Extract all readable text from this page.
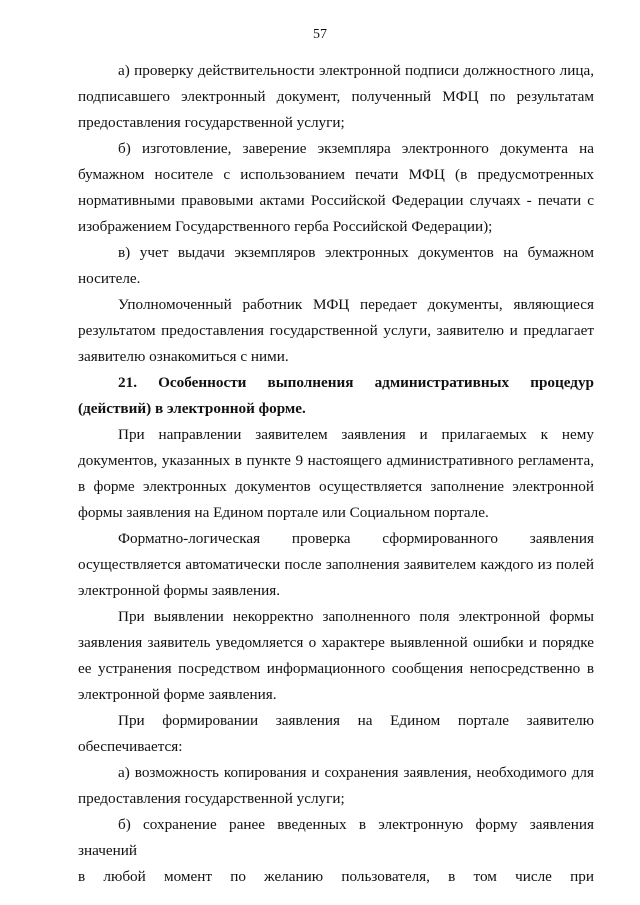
57

а) проверку действительности электронной подписи должностного лица, подписавшего электронный документ, полученный МФЦ по результатам предоставления государственной услуги;

б) изготовление, заверение экземпляра электронного документа на бумажном носителе с использованием печати МФЦ (в предусмотренных нормативными правовыми актами Российской Федерации случаях - печати с изображением Государственного герба Российской Федерации);

в) учет выдачи экземпляров электронных документов на бумажном носителе.

Уполномоченный работник МФЦ передает документы, являющиеся результатом предоставления государственной услуги, заявителю и предлагает заявителю ознакомиться с ними.

21. Особенности выполнения административных процедур (действий) в электронной форме.

При направлении заявителем заявления и прилагаемых к нему документов, указанных в пункте 9 настоящего административного регламента, в форме электронных документов осуществляется заполнение электронной формы заявления на Едином портале или Социальном портале.

Форматно-логическая проверка сформированного заявления осуществляется автоматически после заполнения заявителем каждого из полей электронной формы заявления.

При выявлении некорректно заполненного поля электронной формы заявления заявитель уведомляется о характере выявленной ошибки и порядке ее устранения посредством информационного сообщения непосредственно в электронной форме заявления.

При формировании заявления на Едином портале заявителю обеспечивается:

а) возможность копирования и сохранения заявления, необходимого для предоставления государственной услуги;

б) сохранение ранее введенных в электронную форму заявления значений

в любой момент по желанию пользователя, в том числе при
